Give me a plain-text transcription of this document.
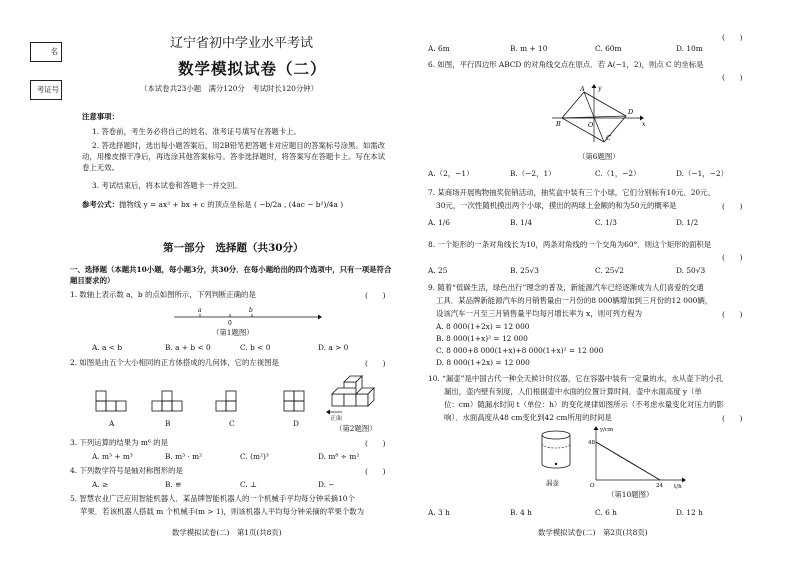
名
考证号
辽宁省初中学业水平考试
数学模拟试卷（二）
（本试卷共23小题　满分120分　考试时长120分钟）
注意事项：
1. 答卷前，考生务必将自己的姓名、准考证号填写在答题卡上。
2. 答选择题时，选出每小题答案后，用2B铅笔把答题卡对应题目的答案标号涂黑。如需改动，用橡皮擦干净后，再选涂其他答案标号。答非选择题时，将答案写在答题卡上。写在本试卷上无效。
3. 考试结束后，将本试卷和答题卡一并交回。
参考公式：抛物线 y = ax² + bx + c 的顶点坐标是 ( −b/2a , (4ac − b²)/4a )
第一部分　选择题（共30分）
一、选择题（本题共10小题，每小题3分，共30分．在每小题给出的四个选项中，只有一项是符合题目要求的）
1. 数轴上表示数 a，b 的点如图所示，下列判断正确的是	(　　)
a	b
0
（第1题图）
A. a < b	B. a + b < 0	C. b < 0	D. a > 0
2. 如图是由五个大小相同的正方体搭成的几何体，它的左视图是	(　　)
A	B	C	D
正面
（第2题图）
3. 下列运算的结果为 m⁶ 的是	(　　)
A. m³ + m³	B. m³ · m²	C. (m²)³	D. m⁸ ÷ m²
4. 下列数学符号是轴对称图形的是	(　　)
A. ≥	B. ≌	C. ⊥	D. ∽
5. 智慧农业广泛应用智能机器人．某品牌智能机器人的一个机械手平均每分钟采摘10个
苹果．若该机器人搭载 m 个机械手(m > 1)，则该机器人平均每分钟采摘的苹果个数为
数学模拟试卷(二)　第1页(共8页)
A. 6m	B. m + 10	C. 60m	D. 10m
(　　)
6. 如图，平行四边形 ABCD 的对角线交点在原点．若 A(−1，2)，则点 C 的坐标是
(　　)
A
B
C
D
O
y
x
（第6题图）
A.（2，−1）	B.（−2，1）	C.（1，−2）	D.（−1，−2）
7. 某商场开展购物抽奖促销活动，抽奖盒中装有三个小球，它们分别标有10元、20元、
30元，一次性随机摸出两个小球，摸出的两球上金额的和为50元的概率是	(　　)
A. 1/6	B. 1/4	C. 1/3	D. 1/2
8. 一个矩形的一条对角线长为10，两条对角线的一个交角为60°．则这个矩形的面积是
(　　)
A. 25	B. 25√3	C. 25√2	D. 50√3
9. 随着“低碳生活，绿色出行”理念的普及，新能源汽车已经逐渐成为人们喜爱的交通
工具．某品牌新能源汽车的月销售量由一月份的8 000辆增加到三月份的12 000辆，
设该汽车一月至三月销售量平均每月增长率为 x，则可列方程为	(　　)
A. 8 000(1+2x) = 12 000
B. 8 000(1+x)² = 12 000
C. 8 000+8 000(1+x)+8 000(1+x)² = 12 000
D. 8 000(1+2x) = 12 000
10. “漏壶”是中国古代一种全天候计时仪器，它在容器中装有一定量的水，水从壶下的小孔
漏出，壶内壁有刻度，人们根据壶中水面的位置计算时间．壶中水面高度 y（单
位：cm）随漏水时间 t（单位：h）的变化规律如图所示（不考虑水量变化对压力的影
响）．水面高度从48 cm变化到42 cm所用的时间是	(　　)
漏壶
y/cm
48
24
O	t/h
（第10题图）
A. 3 h	B. 4 h	C. 6 h	D. 12 h
数学模拟试卷(二)　第2页(共8页)
